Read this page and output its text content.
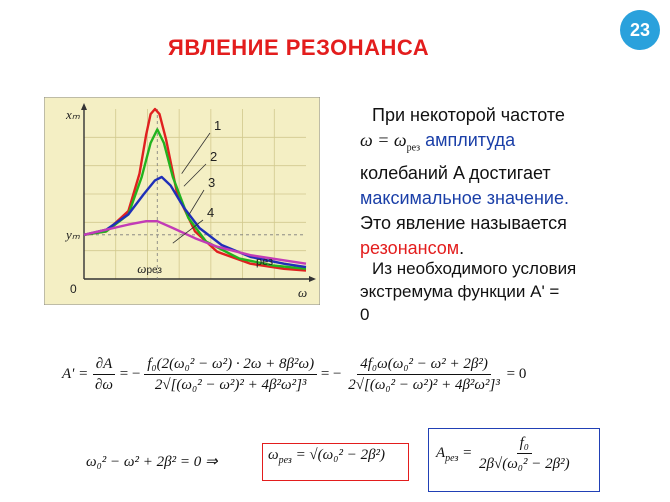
23
ЯВЛЕНИЕ РЕЗОНАНСА
1
2
3
4
xₘ
yₘ
0	ω
ωрез
рез
При некоторой частоте
$\omega = \omega_{рез}$ амплитуда
колебаний A достигает
максимальное значение.
Это явление называется
резонансом.
Из необходимого условия
экстремума функции A' =
0
$A' = \frac{\partial A}{\partial\omega}$ = − $\frac{\text{f₀(2(ω₀² − ω²) · 2ω + 8β²ω)}}{\text{2√[(ω₀² − ω²)² + 4β²ω²]³}}$ = − $\frac{\text{4f₀ω(ω₀² − ω² + 2β²)}}{\text{2√[(ω₀² − ω²)² + 4β²ω²]³}} = 0$
ω₀² − ω² + 2β² = 0 ⇒	$\omega_{рез} = √(\omega_0^2 - 2\beta^2)$	$A_{рез} = \frac{\text{f₀}}{\text{2β√(ω₀² − 2β²)}}$
